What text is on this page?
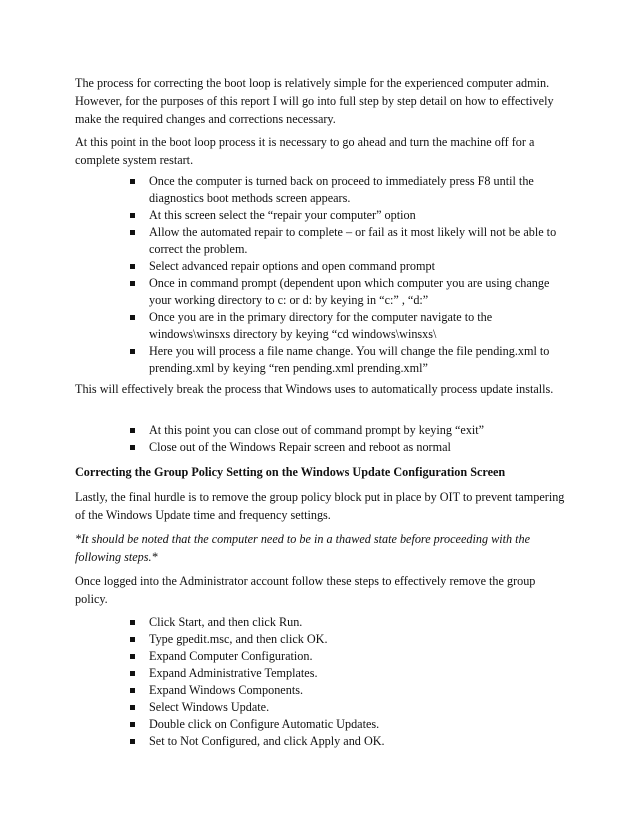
The process for correcting the boot loop is relatively simple for the experienced computer admin. However, for the purposes of this report I will go into full step by step detail on how to effectively make the required changes and corrections necessary.

At this point in the boot loop process it is necessary to go ahead and turn the machine off for a complete system restart.

Once the computer is turned back on proceed to immediately press F8 until the diagnostics boot methods screen appears.
At this screen select the “repair your computer” option
Allow the automated repair to complete – or fail as it most likely will not be able to correct the problem.
Select advanced repair options and open command prompt
Once in command prompt (dependent upon which computer you are using change your working directory to c: or d: by keying in “c:” , “d:”
Once you are in the primary directory for the computer navigate to the windows\winsxs directory by keying “cd windows\winsxs\
Here you will process a file name change. You will change the file pending.xml to prending.xml by keying “ren pending.xml prending.xml”

This will effectively break the process that Windows uses to automatically process update installs.

At this point you can close out of command prompt by keying “exit”
Close out of the Windows Repair screen and reboot as normal

Correcting the Group Policy Setting on the Windows Update Configuration Screen

Lastly, the final hurdle is to remove the group policy block put in place by OIT to prevent tampering of the Windows Update time and frequency settings.

*It should be noted that the computer need to be in a thawed state before proceeding with the following steps.*

Once logged into the Administrator account follow these steps to effectively remove the group policy.

Click Start, and then click Run.
Type gpedit.msc, and then click OK.
Expand Computer Configuration.
Expand Administrative Templates.
Expand Windows Components.
Select Windows Update.
Double click on Configure Automatic Updates.
Set to Not Configured, and click Apply and OK.
